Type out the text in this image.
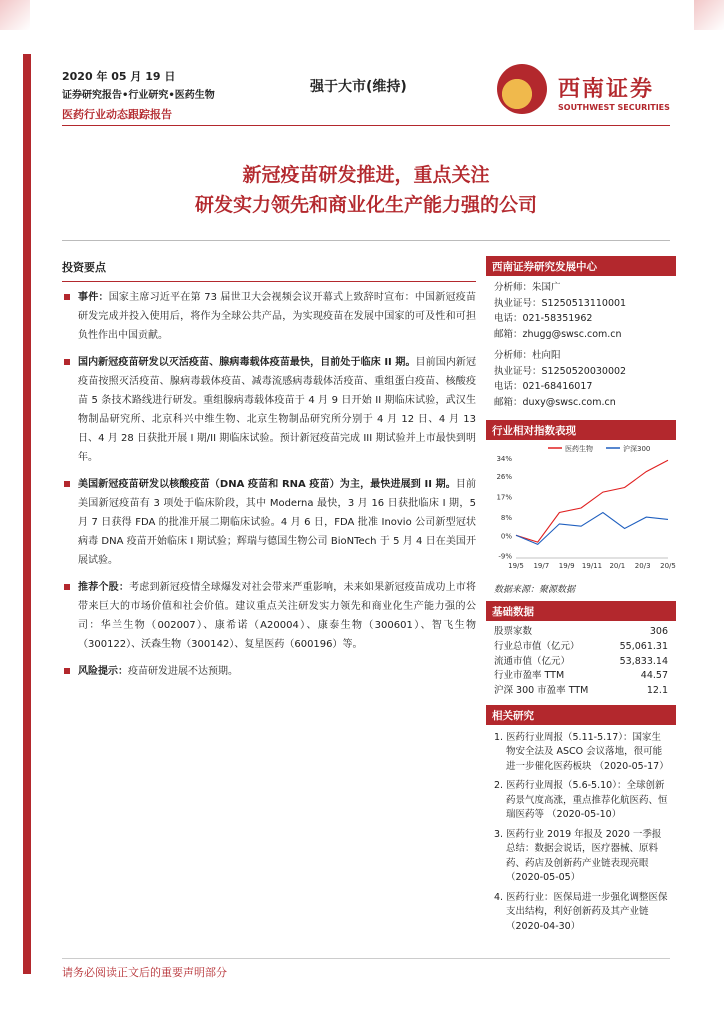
2020 年 05 月 19 日
证券研究报告•行业研究•医药生物
医药行业动态跟踪报告
强于大市(维持)	西南证券
SOUTHWEST SECURITIES
新冠疫苗研发推进，重点关注
研发实力领先和商业化生产能力强的公司
投资要点
事件：国家主席习近平在第 73 届世卫大会视频会议开幕式上致辞时宣布：中国新冠疫苗研发完成并投入使用后，将作为全球公共产品，为实现疫苗在发展中国家的可及性和可担负性作出中国贡献。
国内新冠疫苗研发以灭活疫苗、腺病毒载体疫苗最快，目前处于临床 II 期。目前国内新冠疫苗按照灭活疫苗、腺病毒载体疫苗、减毒流感病毒载体活疫苗、重组蛋白疫苗、核酸疫苗 5 条技术路线进行研发。重组腺病毒载体疫苗于 4 月 9 日开始 II 期临床试验，武汉生物制品研究所、北京科兴中维生物、北京生物制品研究所分别于 4 月 12 日、4 月 13 日、4 月 28 日获批开展 I 期/II 期临床试验。预计新冠疫苗完成 III 期试验并上市最快到明年。
美国新冠疫苗研发以核酸疫苗（DNA 疫苗和 RNA 疫苗）为主，最快进展到 II 期。目前美国新冠疫苗有 3 项处于临床阶段，其中 Moderna 最快，3 月 16 日获批临床 I 期，5 月 7 日获得 FDA 的批准开展二期临床试验。4 月 6 日，FDA 批准 Inovio 公司新型冠状病毒 DNA 疫苗开始临床 I 期试验；辉瑞与德国生物公司 BioNTech 于 5 月 4 日在美国开展试验。
推荐个股：考虑到新冠疫情全球爆发对社会带来严重影响，未来如果新冠疫苗成功上市将带来巨大的市场价值和社会价值。建议重点关注研发实力领先和商业化生产能力强的公司：华兰生物（002007）、康希诺（A20004）、康泰生物（300601）、智飞生物（300122）、沃森生物（300142）、复星医药（600196）等。
风险提示：疫苗研发进展不达预期。
西南证券研究发展中心
分析师：朱国广
执业证号：S1250513110001
电话：021-58351962
邮箱：zhugg@swsc.com.cn
分析师：杜向阳
执业证号：S1250520030002
电话：021-68416017
邮箱：duxy@swsc.com.cn
行业相对指数表现
34%
26%
17%
8%
0%
-9%
19/5 19/7 19/9 19/11 20/1 20/3 20/5
医药生物	沪深300
数据来源：聚源数据
基础数据
股票家数	306
行业总市值（亿元）	55,061.31
流通市值（亿元）	53,833.14
行业市盈率 TTM	44.57
沪深 300 市盈率 TTM	12.1
相关研究
1. 医药行业周报（5.11-5.17）：国家生物安全法及 ASCO 会议落地，很可能进一步催化医药板块 （2020-05-17）
2. 医药行业周报（5.6-5.10）：全球创新药景气度高涨，重点推荐化航医药、恒瑞医药等 （2020-05-10）
3. 医药行业 2019 年报及 2020 一季报总结：数据会说话，医疗器械、原料药、药店及创新药产业链表现亮眼 （2020-05-05）
4. 医药行业：医保局进一步强化调整医保支出结构，利好创新药及其产业链 （2020-04-30）
请务必阅读正文后的重要声明部分
